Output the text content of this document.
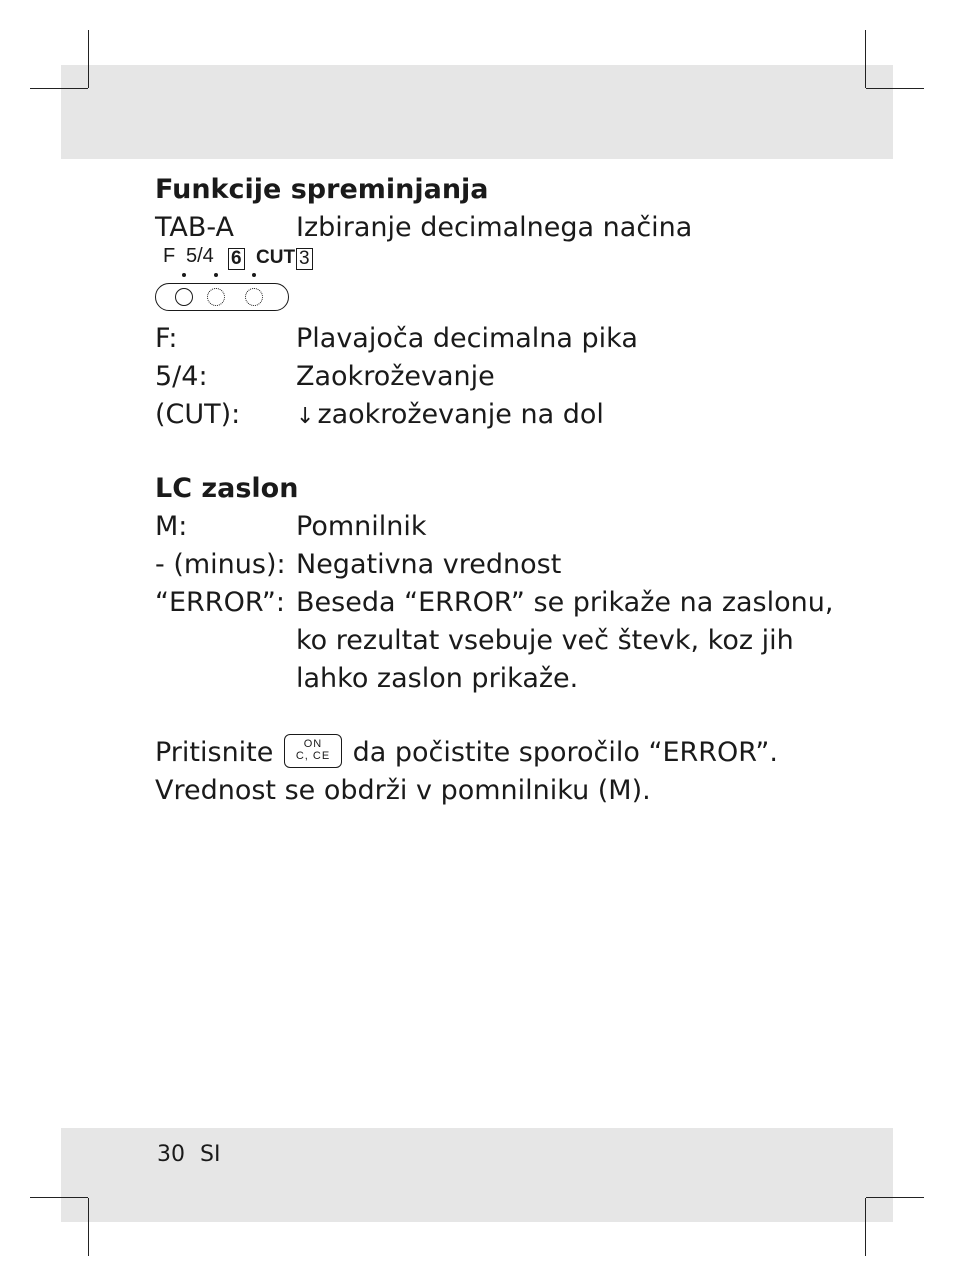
Funkcije spreminjanja
TAB-A Izbiranje decimalnega načina
F 5/4 6 CUT 3
F:	Plavajoča decimalna pika
5/4:	Zaokroževanje
(CUT):	↓ zaokroževanje na dol
LC zaslon
M:	Pomnilnik
- (minus): Negativna vrednost
“ERROR”: Beseda “ERROR” se prikaže na zaslonu,
ko rezultat vsebuje več števk, koz jih
lahko zaslon prikaže.
Pritisnite	ON
C, CE da počistite sporočilo “ERROR”.
Vrednost se obdrži v pomnilniku (M).
30 SI
